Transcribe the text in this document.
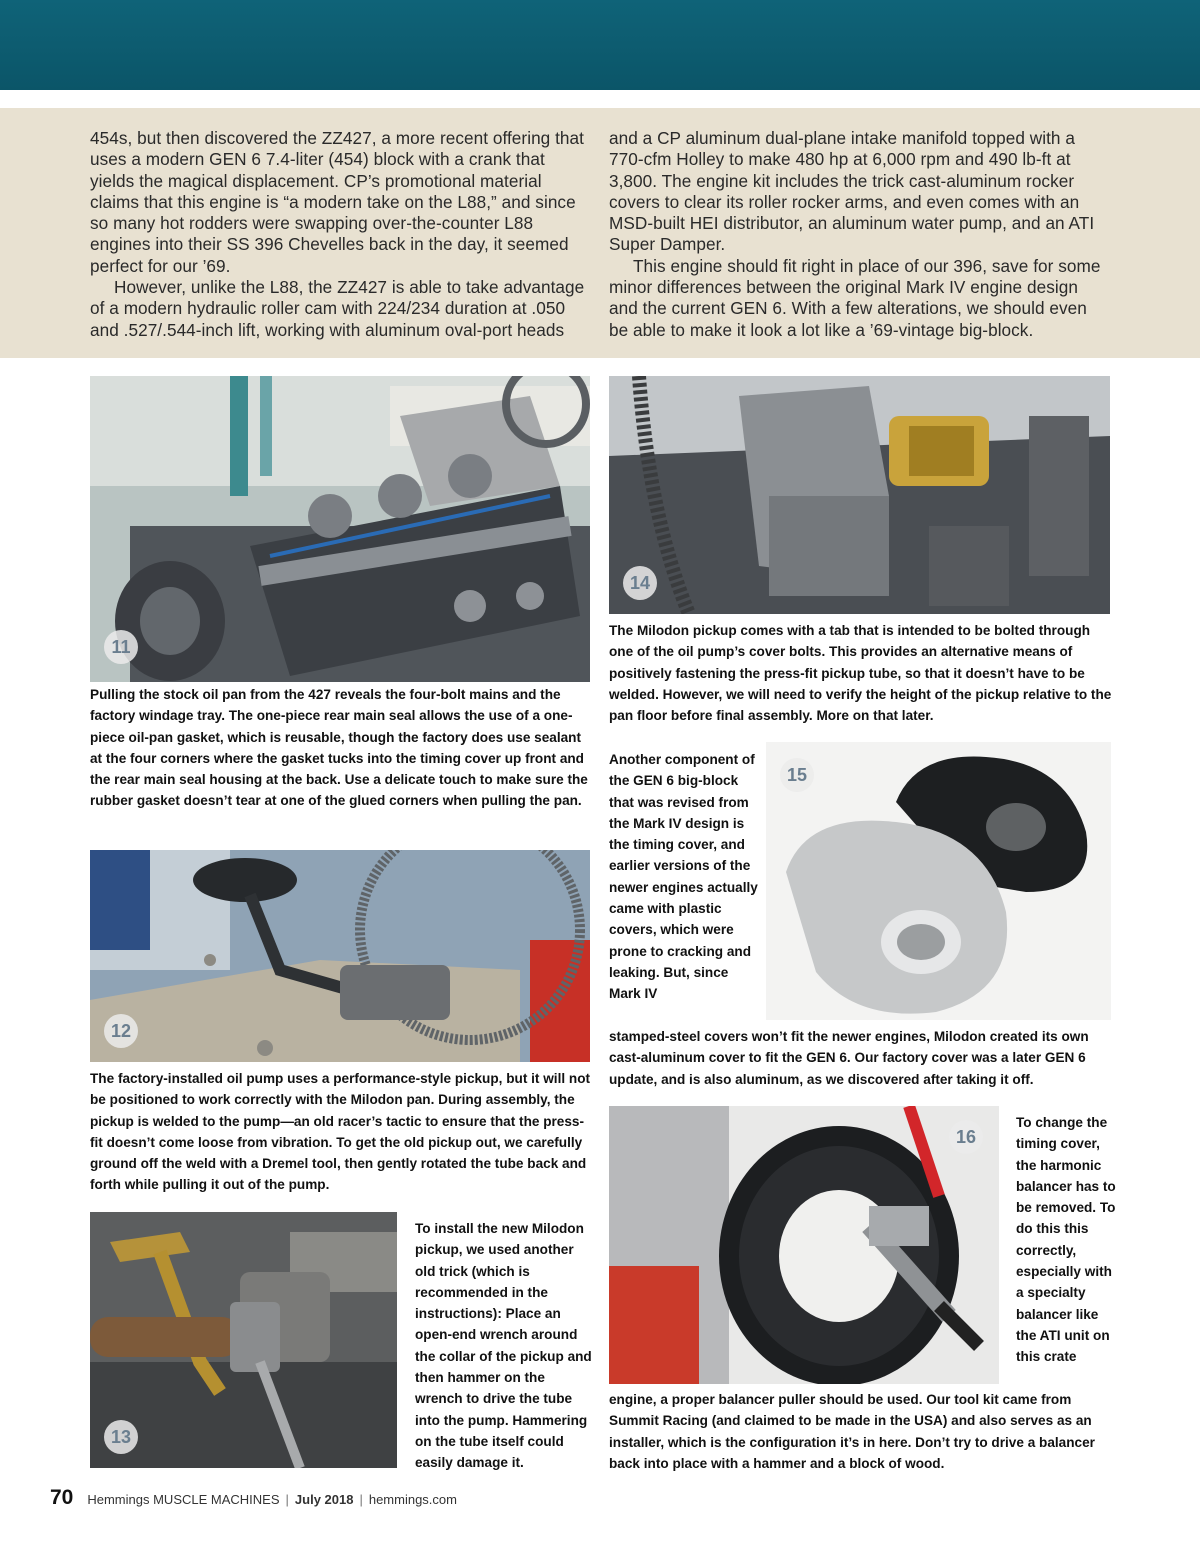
454s, but then discovered the ZZ427, a more recent offering that uses a modern GEN 6 7.4-liter (454) block with a crank that yields the magical displacement. CP’s promotional material claims that this engine is “a modern take on the L88,” and since so many hot rodders were swapping over-the-counter L88 engines into their SS 396 Chevelles back in the day, it seemed perfect for our ’69.

However, unlike the L88, the ZZ427 is able to take advantage of a modern hydraulic roller cam with 224/234 duration at .050 and .527/.544-inch lift, working with aluminum oval-port heads

and a CP aluminum dual-plane intake manifold topped with a 770-cfm Holley to make 480 hp at 6,000 rpm and 490 lb-ft at 3,800. The engine kit includes the trick cast-aluminum rocker covers to clear its roller rocker arms, and even comes with an MSD-built HEI distributor, an aluminum water pump, and an ATI Super Damper.

This engine should fit right in place of our 396, save for some minor differences between the original Mark IV engine design and the current GEN 6. With a few alterations, we should even be able to make it look a lot like a ’69-vintage big-block.

11
Pulling the stock oil pan from the 427 reveals the four-bolt mains and the factory windage tray. The one-piece rear main seal allows the use of a one-piece oil-pan gasket, which is reusable, though the factory does use sealant at the four corners where the gasket tucks into the timing cover up front and the rear main seal housing at the back. Use a delicate touch to make sure the rubber gasket doesn’t tear at one of the glued corners when pulling the pan.
12
The factory-installed oil pump uses a performance-style pickup, but it will not be positioned to work correctly with the Milodon pan. During assembly, the pickup is welded to the pump—an old racer’s tactic to ensure that the press-fit doesn’t come loose from vibration. To get the old pickup out, we carefully ground off the weld with a Dremel tool, then gently rotated the tube back and forth while pulling it out of the pump.
13
To install the new Milodon pickup, we used another old trick (which is recommended in the instructions): Place an open-end wrench around the collar of the pickup and then hammer on the wrench to drive the tube into the pump. Hammering on the tube itself could easily damage it.
14
The Milodon pickup comes with a tab that is intended to be bolted through one of the oil pump’s cover bolts. This provides an alternative means of positively fastening the press-fit pickup tube, so that it doesn’t have to be welded. However, we will need to verify the height of the pickup relative to the pan floor before final assembly. More on that later.
15
Another component of the GEN 6 big-block that was revised from the Mark IV design is the timing cover, and earlier versions of the newer engines actually came with plastic covers, which were prone to cracking and leaking. But, since Mark IV
stamped-steel covers won’t fit the newer engines, Milodon created its own cast-aluminum cover to fit the GEN 6. Our factory cover was a later GEN 6 update, and is also aluminum, as we discovered after taking it off.
16
To change the timing cover, the harmonic balancer has to be removed. To do this this correctly, especially with a specialty balancer like the ATI unit on this crate
engine, a proper balancer puller should be used. Our tool kit came from Summit Racing (and claimed to be made in the USA) and also serves as an installer, which is the configuration it’s in here. Don’t try to drive a balancer back into place with a hammer and a block of wood.
70 Hemmings MUSCLE MACHINES | July 2018 | hemmings.com
